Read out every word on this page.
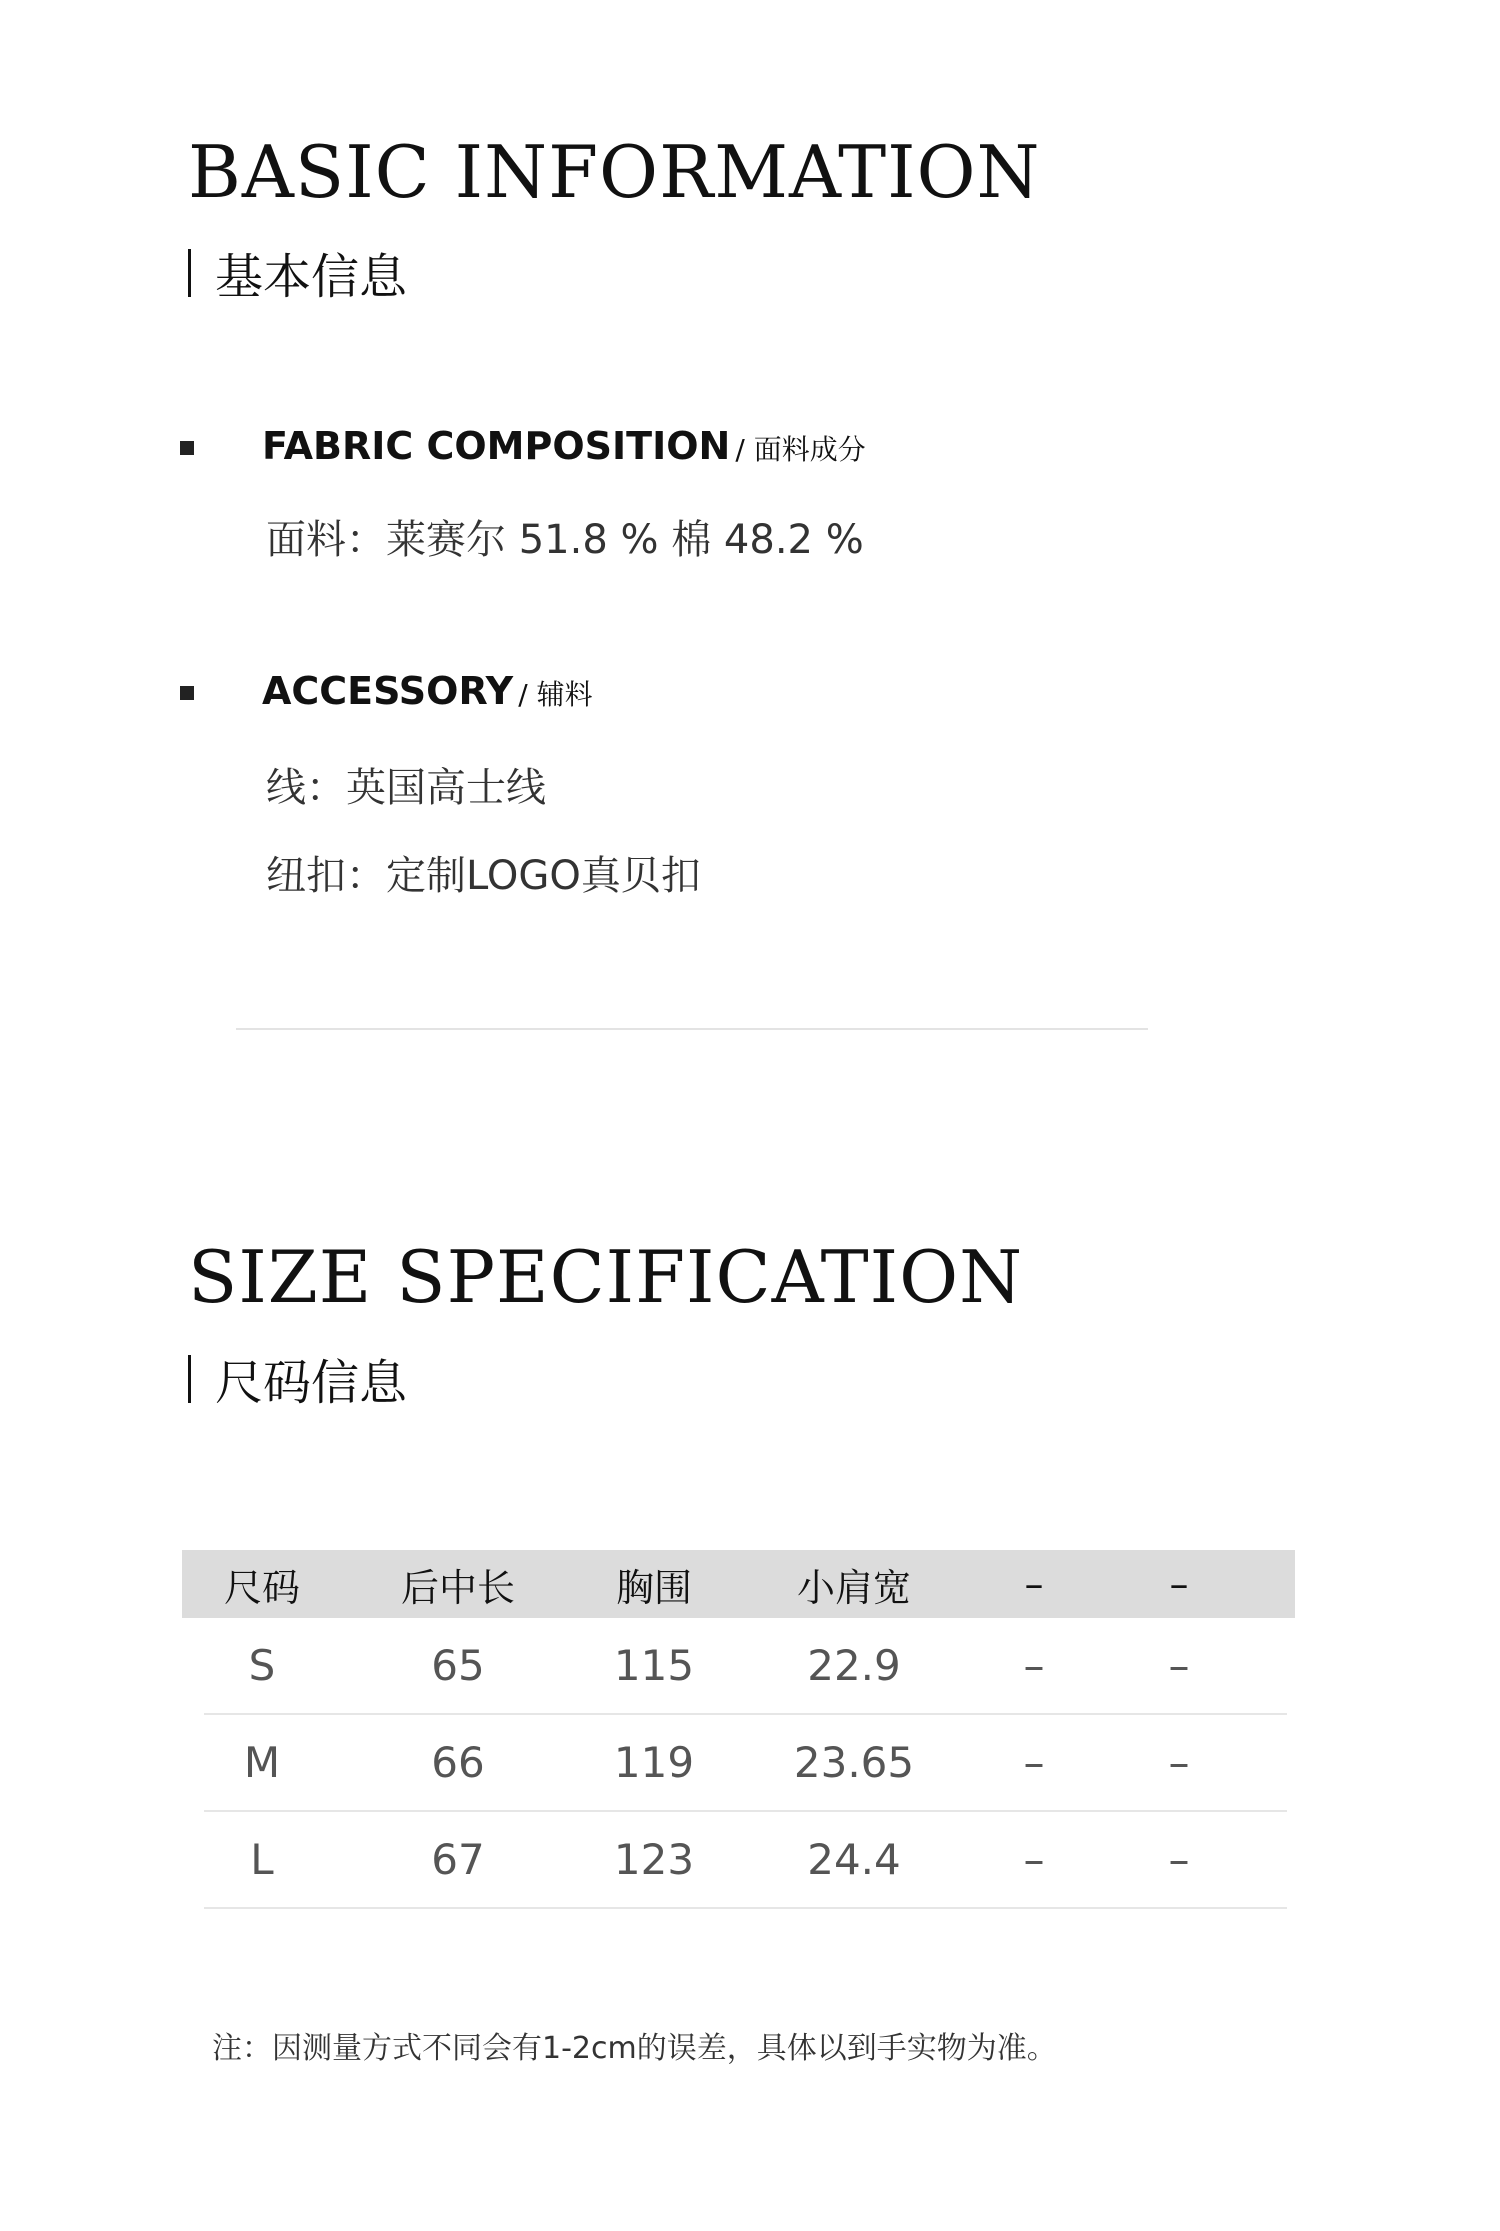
BASIC INFORMATION
基本信息
FABRIC COMPOSITION / 面料成分
面料：莱赛尔 51.8 % 棉 48.2 %
ACCESSORY / 辅料
线：英国高士线
纽扣：定制LOGO真贝扣
SIZE SPECIFICATION
尺码信息
尺码	后中长	胸围	小肩宽	–	–
S	65	115	22.9	–	–
M	66	119	23.65	–	–
L	67	123	24.4	–	–
注：因测量方式不同会有1-2cm的误差，具体以到手实物为准。
